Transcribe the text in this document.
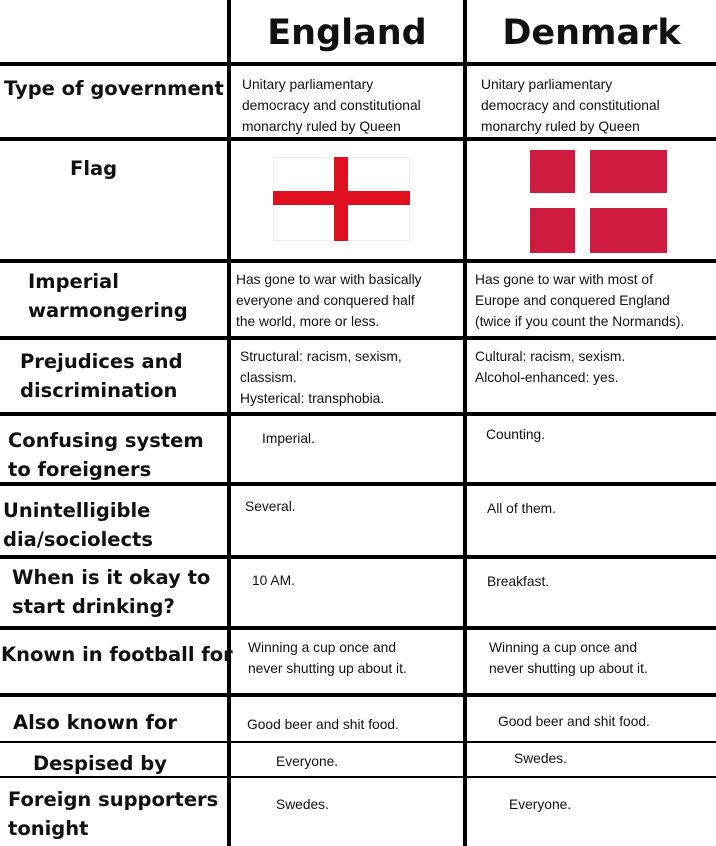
England	Denmark
Type of government
Flag
Imperial
warmongering
Prejudices and
discrimination
Confusing system
to foreigners
Unintelligible
dia/sociolects
When is it okay to
start drinking?
Known in football for
Also known for
Despised by
Foreign supporters
tonight
Unitary parliamentary
democracy and constitutional
monarchy ruled by Queen
Has gone to war with basically
everyone and conquered half
the world, more or less.
Structural: racism, sexism,
classism.
Hysterical: transphobia.
Imperial.
Several.
10 AM.
Winning a cup once and
never shutting up about it.
Good beer and shit food.
Everyone.
Swedes.
Unitary parliamentary
democracy and constitutional
monarchy ruled by Queen
Has gone to war with most of
Europe and conquered England
(twice if you count the Normands).
Cultural: racism, sexism.
Alcohol-enhanced: yes.
Counting.
All of them.
Breakfast.
Winning a cup once and
never shutting up about it.
Good beer and shit food.
Swedes.
Everyone.
